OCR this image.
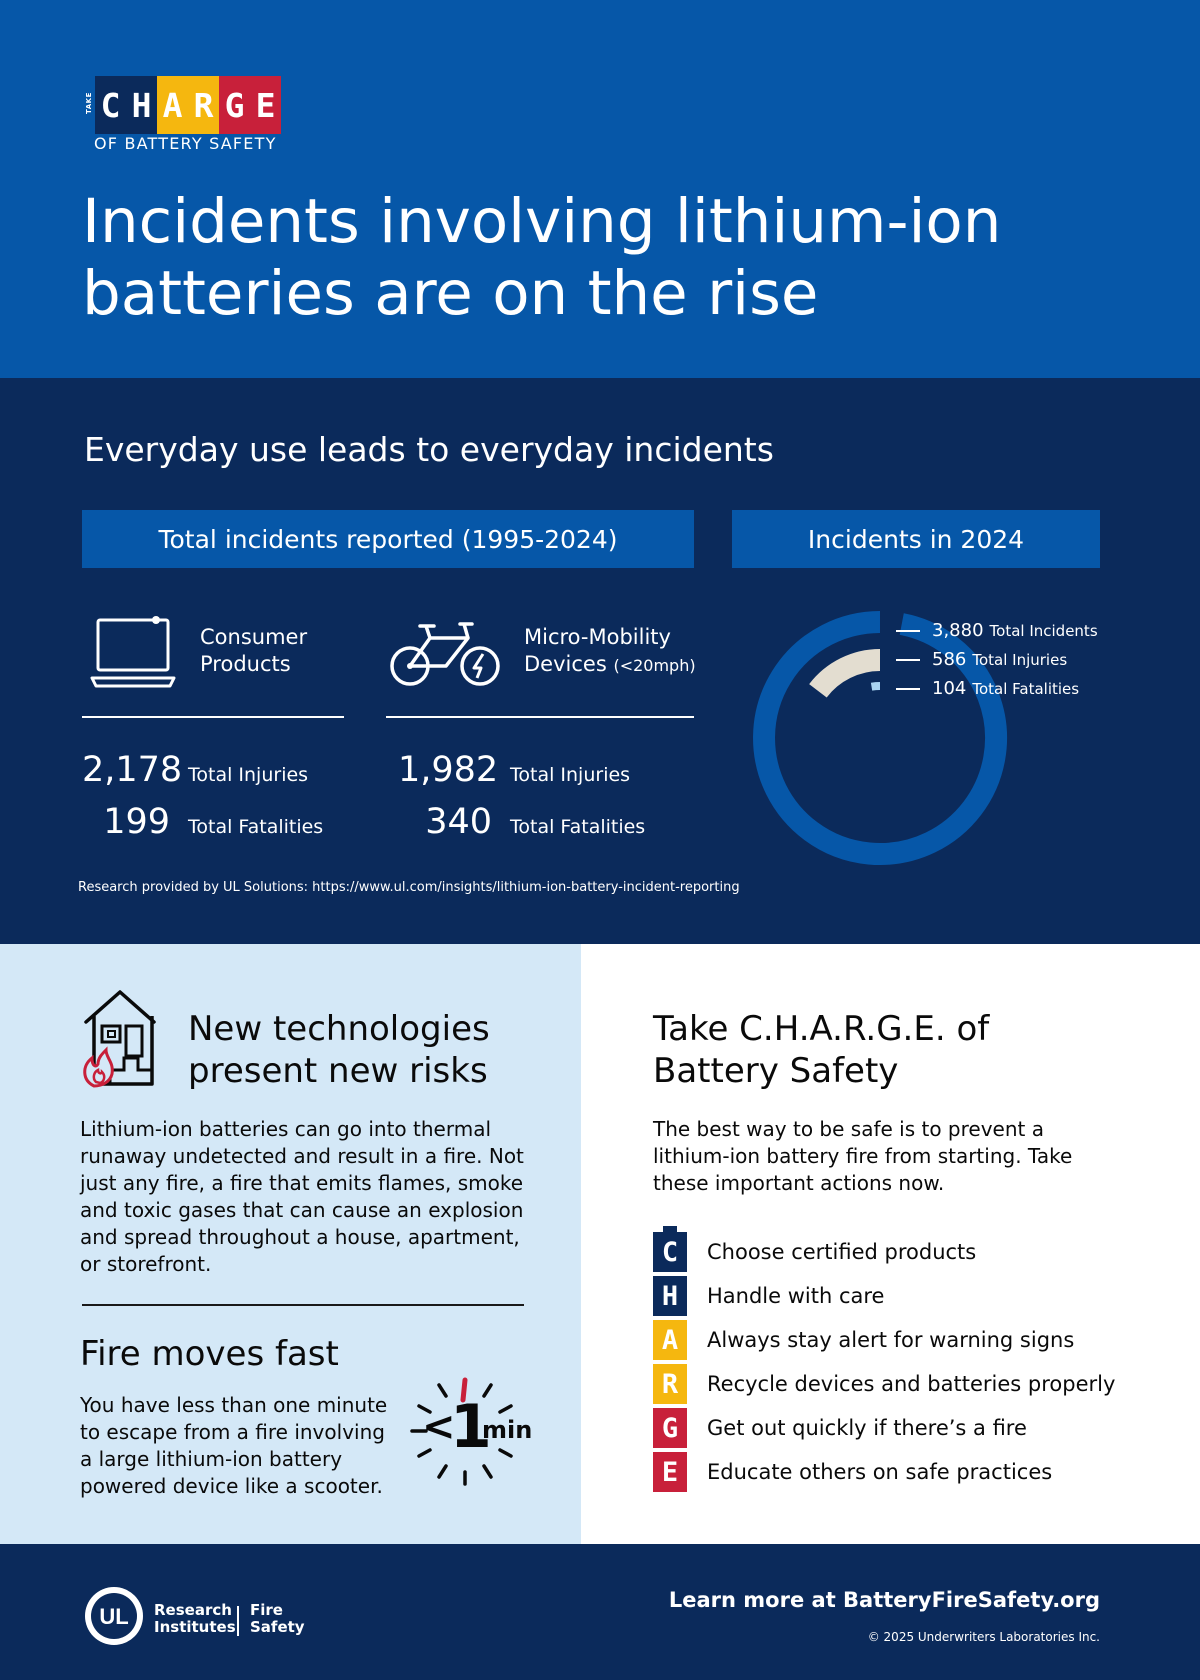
TAKE C H A R G E
OF BATTERY SAFETY
Incidents involving lithium-ion batteries are on the rise
Everyday use leads to everyday incidents
Total incidents reported (1995-2024)	Incidents in 2024
Consumer
Products
2,178 Total Injuries
199 Total Fatalities
Micro-Mobility
Devices (<20mph)
1,982 Total Injuries
340 Total Fatalities
3,880 Total Incidents
586 Total Injuries
104 Total Fatalities
Research provided by UL Solutions: https://www.ul.com/insights/lithium-ion-battery-incident-reporting
New technologies
present new risks

Lithium-ion batteries can go into thermal runaway undetected and result in a fire. Not just any fire, a fire that emits flames, smoke and toxic gases that can cause an explosion and spread throughout a house, apartment, or storefront.

Fire moves fast

You have less than one minute to escape from a fire involving a large lithium-ion battery powered device like a scooter.

<
1
min
Take C.H.A.R.G.E. of
Battery Safety

The best way to be safe is to prevent a lithium-ion battery fire from starting. Take these important actions now.

C Choose certified products
H Handle with care
A Always stay alert for warning signs
R Recycle devices and batteries properly
G Get out quickly if there’s a fire
E Educate others on safe practices
UL Research
Institutes
Fire
Safety
Learn more at BatteryFireSafety.org
© 2025 Underwriters Laboratories Inc.
